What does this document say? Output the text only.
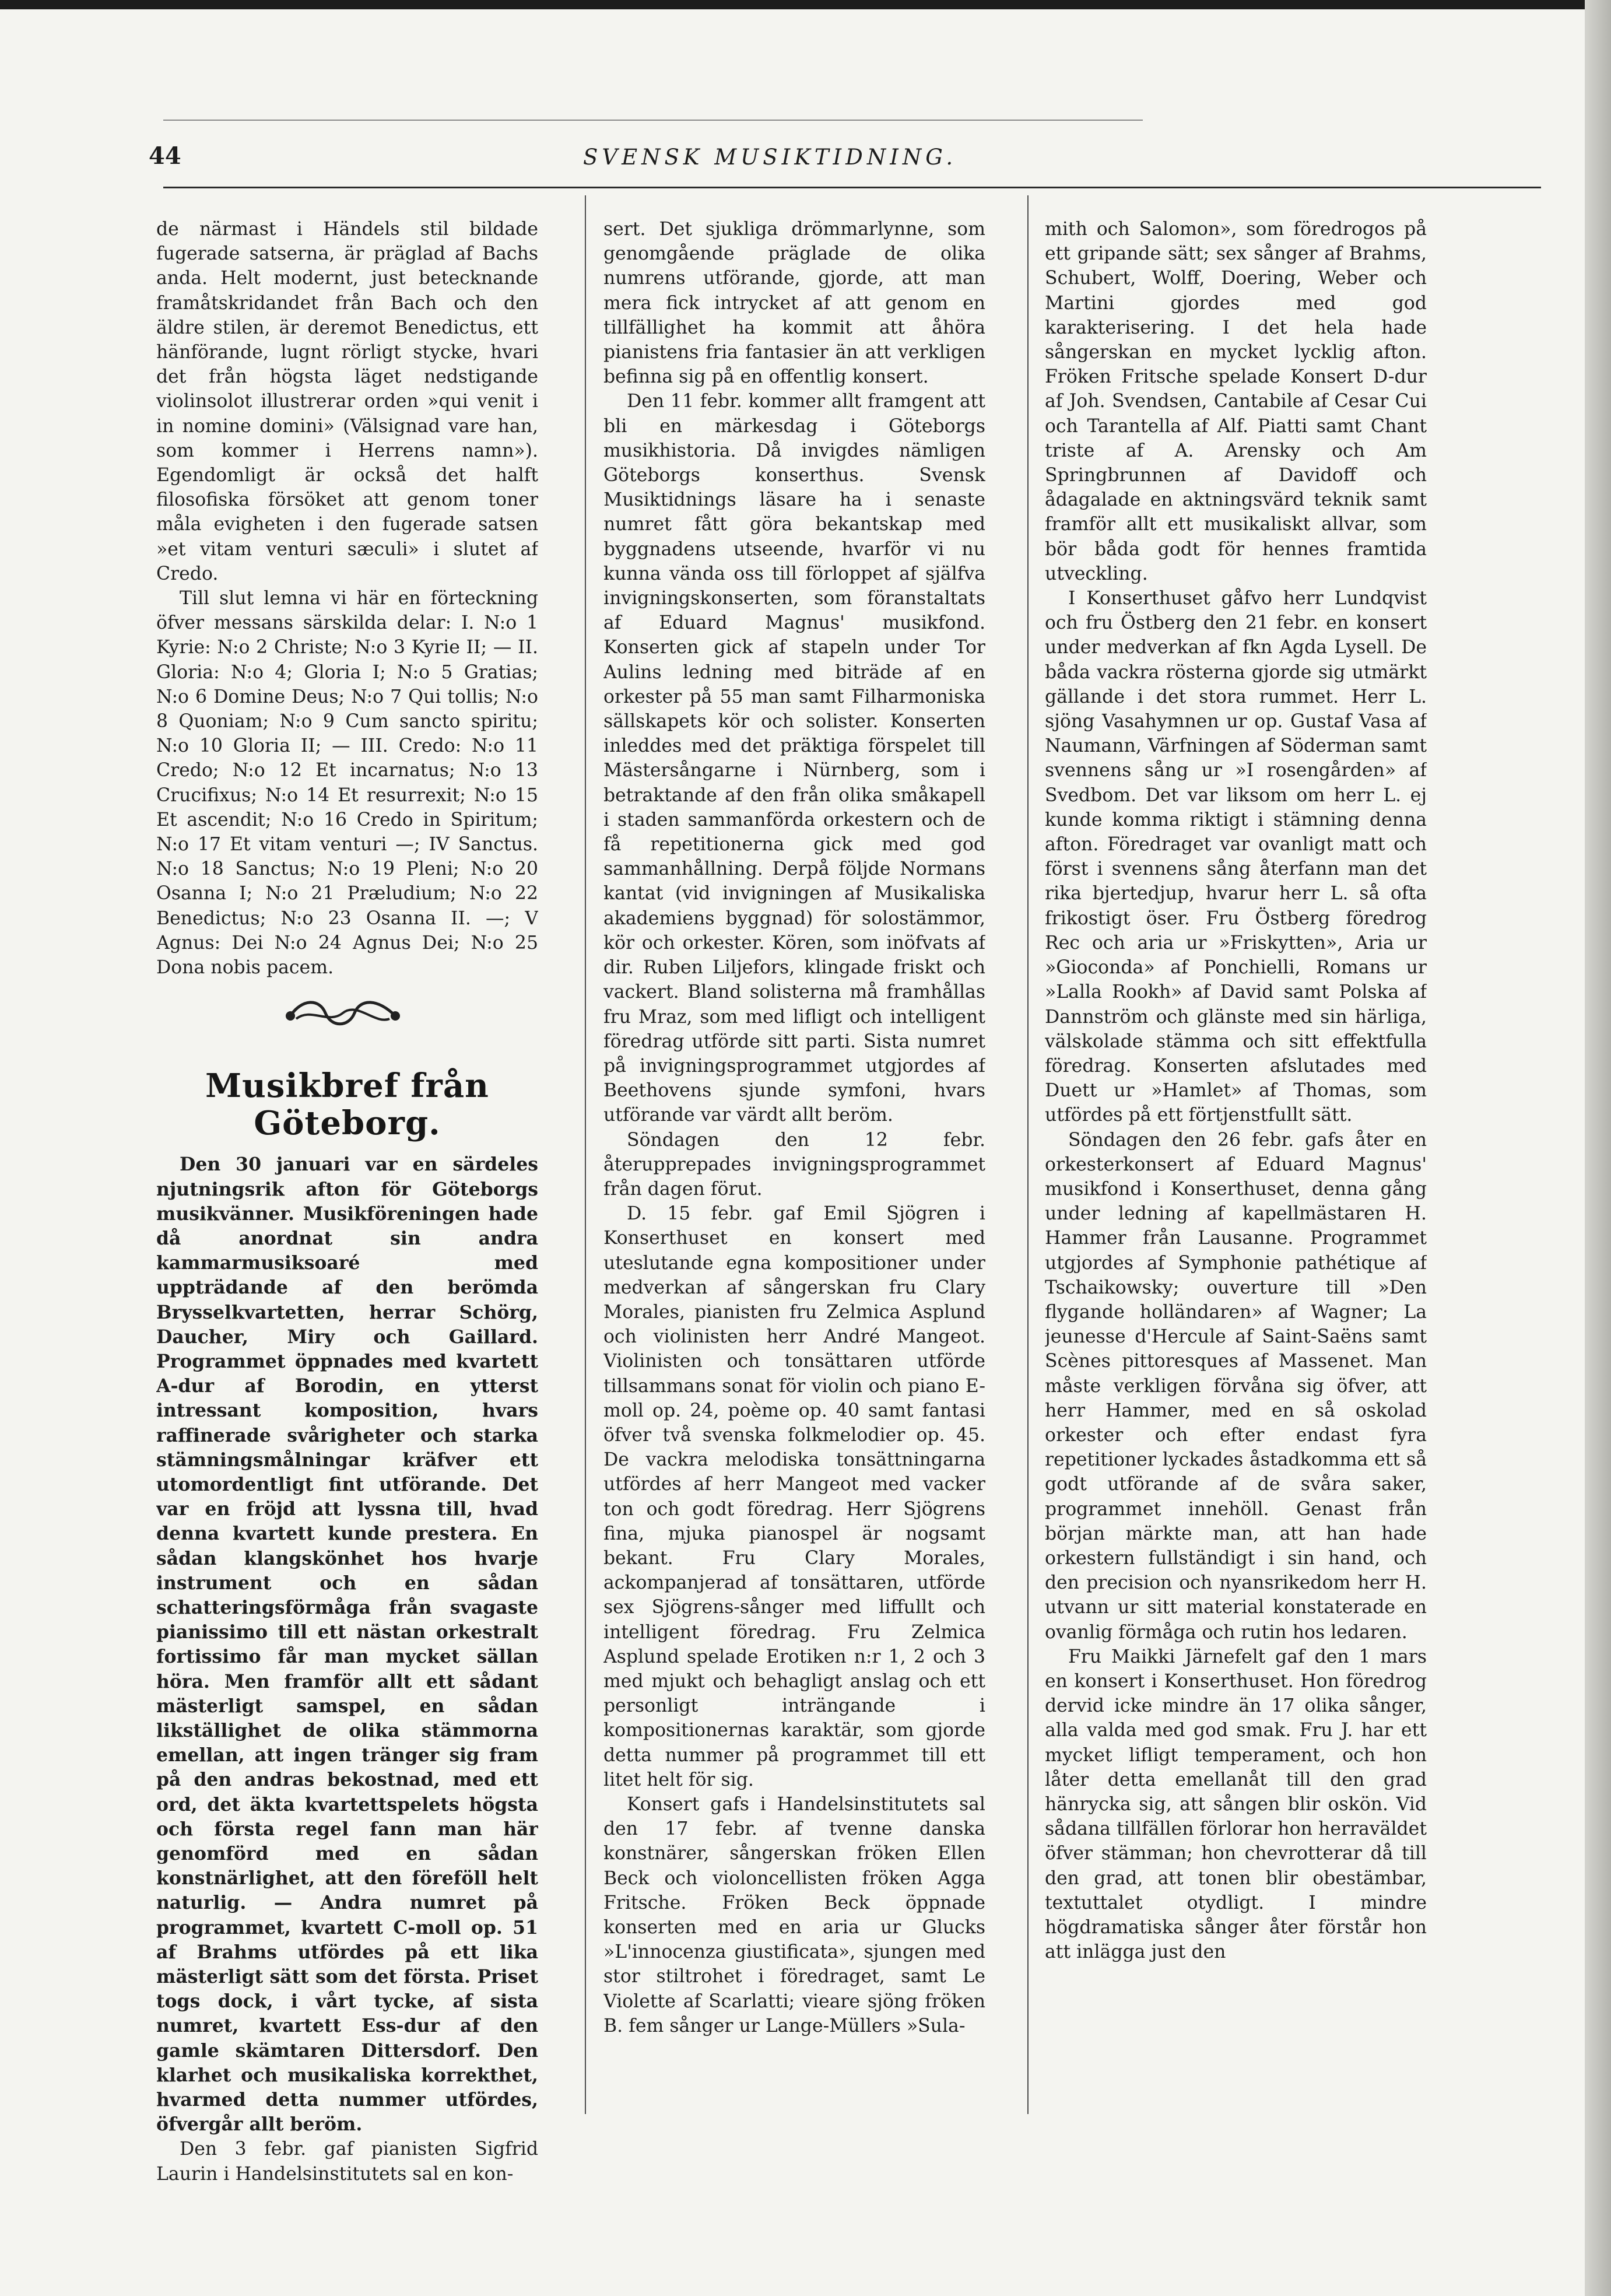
44	SVENSK MUSIKTIDNING.

de närmast i Händels stil bildade fugerade satserna, är präglad af Bachs anda. Helt modernt, just betecknande framåtskridandet från Bach och den äldre stilen, är deremot Benedictus, ett hänförande, lugnt rörligt stycke, hvari det från högsta läget nedstigande violinsolot illustrerar orden »qui venit i in nomine domini» (Välsignad vare han, som kommer i Herrens namn»). Egendomligt är också det halft filosofiska försöket att genom toner måla evigheten i den fugerade satsen »et vitam venturi sæculi» i slutet af Credo.

Till slut lemna vi här en förteckning öfver messans särskilda delar: I. N:o 1 Kyrie: N:o 2 Christe; N:o 3 Kyrie II; — II. Gloria: N:o 4; Gloria I; N:o 5 Gratias; N:o 6 Domine Deus; N:o 7 Qui tollis; N:o 8 Quoniam; N:o 9 Cum sancto spiritu; N:o 10 Gloria II; — III. Credo: N:o 11 Credo; N:o 12 Et incarnatus; N:o 13 Crucifixus; N:o 14 Et resurrexit; N:o 15 Et ascendit; N:o 16 Credo in Spiritum; N:o 17 Et vitam venturi —; IV Sanctus. N:o 18 Sanctus; N:o 19 Pleni; N:o 20 Osanna I; N:o 21 Præludium; N:o 22 Benedictus; N:o 23 Osanna II. —; V Agnus: Dei N:o 24 Agnus Dei; N:o 25 Dona nobis pacem.

Musikbref från Göteborg.

Den 30 januari var en särdeles njutningsrik afton för Göteborgs musikvänner. Musikföreningen hade då anordnat sin andra kammarmusiksoaré med uppträdande af den berömda Brysselkvartetten, herrar Schörg, Daucher, Miry och Gaillard. Programmet öppnades med kvartett A-dur af Borodin, en ytterst intressant komposition, hvars raffinerade svårigheter och starka stämningsmålningar kräfver ett utomordentligt fint utförande. Det var en fröjd att lyssna till, hvad denna kvartett kunde prestera. En sådan klangskönhet hos hvarje instrument och en sådan schatteringsförmåga från svagaste pianissimo till ett nästan orkestralt fortissimo får man mycket sällan höra. Men framför allt ett sådant mästerligt samspel, en sådan likställighet de olika stämmorna emellan, att ingen tränger sig fram på den andras bekostnad, med ett ord, det äkta kvartettspelets högsta och första regel fann man här genomförd med en sådan konstnärlighet, att den föreföll helt naturlig. — Andra numret på programmet, kvartett C-moll op. 51 af Brahms utfördes på ett lika mästerligt sätt som det första. Priset togs dock, i vårt tycke, af sista numret, kvartett Ess-dur af den gamle skämtaren Dittersdorf. Den klarhet och musikaliska korrekthet, hvarmed detta nummer utfördes, öfvergår allt beröm.

Den 3 febr. gaf pianisten Sigfrid Laurin i Handelsinstitutets sal en kon-

sert. Det sjukliga drömmarlynne, som genomgående präglade de olika numrens utförande, gjorde, att man mera fick intrycket af att genom en tillfällighet ha kommit att åhöra pianistens fria fantasier än att verkligen befinna sig på en offentlig konsert.

Den 11 febr. kommer allt framgent att bli en märkesdag i Göteborgs musikhistoria. Då invigdes nämligen Göteborgs konserthus. Svensk Musiktidnings läsare ha i senaste numret fått göra bekantskap med byggnadens utseende, hvarför vi nu kunna vända oss till förloppet af själfva invigningskonserten, som föranstaltats af Eduard Magnus' musikfond. Konserten gick af stapeln under Tor Aulins ledning med biträde af en orkester på 55 man samt Filharmoniska sällskapets kör och solister. Konserten inleddes med det präktiga förspelet till Mästersångarne i Nürnberg, som i betraktande af den från olika småkapell i staden sammanförda orkestern och de få repetitionerna gick med god sammanhållning. Derpå följde Normans kantat (vid invigningen af Musikaliska akademiens byggnad) för solostämmor, kör och orkester. Kören, som inöfvats af dir. Ruben Liljefors, klingade friskt och vackert. Bland solisterna må framhållas fru Mraz, som med lifligt och intelligent föredrag utförde sitt parti. Sista numret på invigningsprogrammet utgjordes af Beethovens sjunde symfoni, hvars utförande var värdt allt beröm.

Söndagen den 12 febr. återupprepades invigningsprogrammet från dagen förut.

D. 15 febr. gaf Emil Sjögren i Konserthuset en konsert med uteslutande egna kompositioner under medverkan af sångerskan fru Clary Morales, pianisten fru Zelmica Asplund och violinisten herr André Mangeot. Violinisten och tonsättaren utförde tillsammans sonat för violin och piano E-moll op. 24, poème op. 40 samt fantasi öfver två svenska folkmelodier op. 45. De vackra melodiska tonsättningarna utfördes af herr Mangeot med vacker ton och godt föredrag. Herr Sjögrens fina, mjuka pianospel är nogsamt bekant. Fru Clary Morales, ackompanjerad af tonsättaren, utförde sex Sjögrens-sånger med liffullt och intelligent föredrag. Fru Zelmica Asplund spelade Erotiken n:r 1, 2 och 3 med mjukt och behagligt anslag och ett personligt inträngande i kompositionernas karaktär, som gjorde detta nummer på programmet till ett litet helt för sig.

Konsert gafs i Handelsinstitutets sal den 17 febr. af tvenne danska konstnärer, sångerskan fröken Ellen Beck och violoncellisten fröken Agga Fritsche. Fröken Beck öppnade konserten med en aria ur Glucks »L'innocenza giustificata», sjungen med stor stiltrohet i föredraget, samt Le Violette af Scarlatti; vieare sjöng fröken B. fem sånger ur Lange-Müllers »Sula-

mith och Salomon», som föredrogos på ett gripande sätt; sex sånger af Brahms, Schubert, Wolff, Doering, Weber och Martini gjordes med god karakterisering. I det hela hade sångerskan en mycket lycklig afton. Fröken Fritsche spelade Konsert D-dur af Joh. Svendsen, Cantabile af Cesar Cui och Tarantella af Alf. Piatti samt Chant triste af A. Arensky och Am Springbrunnen af Davidoff och ådagalade en aktningsvärd teknik samt framför allt ett musikaliskt allvar, som bör båda godt för hennes framtida utveckling.

I Konserthuset gåfvo herr Lundqvist och fru Östberg den 21 febr. en konsert under medverkan af fkn Agda Lysell. De båda vackra rösterna gjorde sig utmärkt gällande i det stora rummet. Herr L. sjöng Vasahymnen ur op. Gustaf Vasa af Naumann, Värfningen af Söderman samt svennens sång ur »I rosengården» af Svedbom. Det var liksom om herr L. ej kunde komma riktigt i stämning denna afton. Föredraget var ovanligt matt och först i svennens sång återfann man det rika bjertedjup, hvarur herr L. så ofta frikostigt öser. Fru Östberg föredrog Rec och aria ur »Friskytten», Aria ur »Gioconda» af Ponchielli, Romans ur »Lalla Rookh» af David samt Polska af Dannström och glänste med sin härliga, välskolade stämma och sitt effektfulla föredrag. Konserten afslutades med Duett ur »Hamlet» af Thomas, som utfördes på ett förtjenstfullt sätt.

Söndagen den 26 febr. gafs åter en orkesterkonsert af Eduard Magnus' musikfond i Konserthuset, denna gång under ledning af kapellmästaren H. Hammer från Lausanne. Programmet utgjordes af Symphonie pathétique af Tschaikowsky; ouverture till »Den flygande holländaren» af Wagner; La jeunesse d'Hercule af Saint-Saëns samt Scènes pittoresques af Massenet. Man måste verkligen förvåna sig öfver, att herr Hammer, med en så oskolad orkester och efter endast fyra repetitioner lyckades åstadkomma ett så godt utförande af de svåra saker, programmet innehöll. Genast från början märkte man, att han hade orkestern fullständigt i sin hand, och den precision och nyansrikedom herr H. utvann ur sitt material konstaterade en ovanlig förmåga och rutin hos ledaren.

Fru Maikki Järnefelt gaf den 1 mars en konsert i Konserthuset. Hon föredrog dervid icke mindre än 17 olika sånger, alla valda med god smak. Fru J. har ett mycket lifligt temperament, och hon låter detta emellanåt till den grad hänrycka sig, att sången blir oskön. Vid sådana tillfällen förlorar hon herraväldet öfver stämman; hon chevrotterar då till den grad, att tonen blir obestämbar, textuttalet otydligt. I mindre högdramatiska sånger åter förstår hon att inlägga just den
